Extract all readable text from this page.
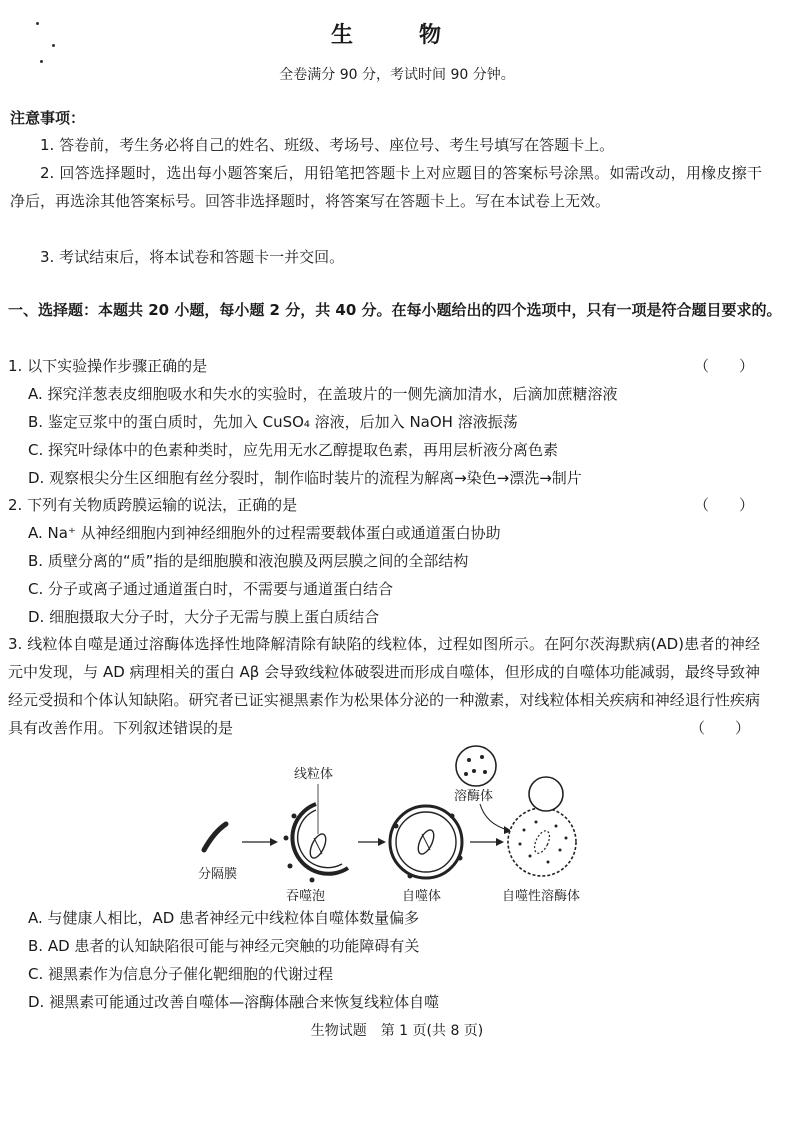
生　物
全卷满分 90 分，考试时间 90 分钟。
注意事项：
1. 答卷前，考生务必将自己的姓名、班级、考场号、座位号、考生号填写在答题卡上。
2. 回答选择题时，选出每小题答案后，用铅笔把答题卡上对应题目的答案标号涂黑。如需改动，用橡皮擦干净后，再选涂其他答案标号。回答非选择题时，将答案写在答题卡上。写在本试卷上无效。
3. 考试结束后，将本试卷和答题卡一并交回。
一、选择题：本题共 20 小题，每小题 2 分，共 40 分。在每小题给出的四个选项中，只有一项是符合题目要求的。
1. 以下实验操作步骤正确的是	（　　）
A. 探究洋葱表皮细胞吸水和失水的实验时，在盖玻片的一侧先滴加清水，后滴加蔗糖溶液
B. 鉴定豆浆中的蛋白质时，先加入 CuSO₄ 溶液，后加入 NaOH 溶液振荡
C. 探究叶绿体中的色素种类时，应先用无水乙醇提取色素，再用层析液分离色素
D. 观察根尖分生区细胞有丝分裂时，制作临时装片的流程为解离→染色→漂洗→制片
2. 下列有关物质跨膜运输的说法，正确的是	（　　）
A. Na⁺ 从神经细胞内到神经细胞外的过程需要载体蛋白或通道蛋白协助
B. 质壁分离的“质”指的是细胞膜和液泡膜及两层膜之间的全部结构
C. 分子或离子通过通道蛋白时，不需要与通道蛋白结合
D. 细胞摄取大分子时，大分子无需与膜上蛋白质结合
3. 线粒体自噬是通过溶酶体选择性地降解清除有缺陷的线粒体，过程如图所示。在阿尔茨海默病(AD)患者的神经元中发现，与 AD 病理相关的蛋白 Aβ 会导致线粒体破裂进而形成自噬体，但形成的自噬体功能减弱，最终导致神经元受损和个体认知缺陷。研究者已证实褪黑素作为松果体分泌的一种激素，对线粒体相关疾病和神经退行性疾病具有改善作用。下列叙述错误的是	（　　）
分隔膜
线粒体
吞噬泡	自噬体
溶酶体
自噬性溶酶体
A. 与健康人相比，AD 患者神经元中线粒体自噬体数量偏多
B. AD 患者的认知缺陷很可能与神经元突触的功能障碍有关
C. 褪黑素作为信息分子催化靶细胞的代谢过程
D. 褪黑素可能通过改善自噬体—溶酶体融合来恢复线粒体自噬
生物试题　第 1 页(共 8 页)
